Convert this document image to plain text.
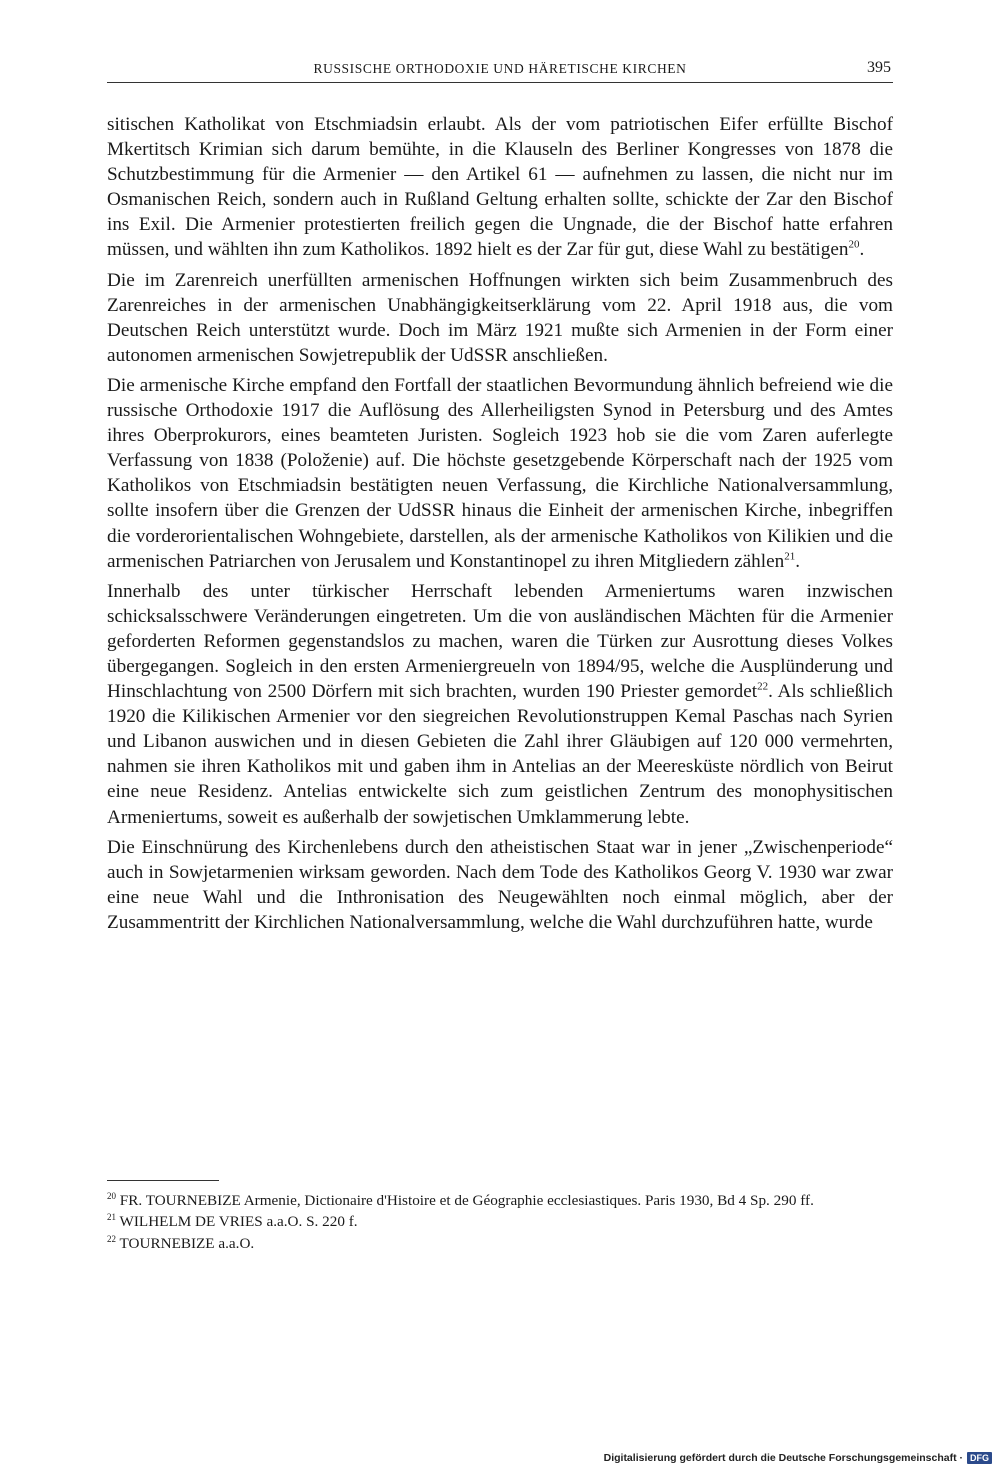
RUSSISCHE ORTHODOXIE UND HÄRETISCHE KIRCHEN	395

sitischen Katholikat von Etschmiadsin erlaubt. Als der vom patriotischen Eifer erfüllte Bischof Mkertitsch Krimian sich darum bemühte, in die Klauseln des Berliner Kongresses von 1878 die Schutzbestimmung für die Armenier — den Artikel 61 — aufnehmen zu lassen, die nicht nur im Osmanischen Reich, sondern auch in Rußland Geltung erhalten sollte, schickte der Zar den Bischof ins Exil. Die Armenier protestierten freilich gegen die Ungnade, die der Bischof hatte erfahren müssen, und wählten ihn zum Katholikos. 1892 hielt es der Zar für gut, diese Wahl zu bestätigen$^{20}$.

Die im Zarenreich unerfüllten armenischen Hoffnungen wirkten sich beim Zusammenbruch des Zarenreiches in der armenischen Unabhängigkeitserklärung vom 22. April 1918 aus, die vom Deutschen Reich unterstützt wurde. Doch im März 1921 mußte sich Armenien in der Form einer autonomen armenischen Sowjetrepublik der UdSSR anschließen.

Die armenische Kirche empfand den Fortfall der staatlichen Bevormundung ähnlich befreiend wie die russische Orthodoxie 1917 die Auflösung des Allerheiligsten Synod in Petersburg und des Amtes ihres Oberprokurors, eines beamteten Juristen. Sogleich 1923 hob sie die vom Zaren auferlegte Verfassung von 1838 (Položenie) auf. Die höchste gesetzgebende Körperschaft nach der 1925 vom Katholikos von Etschmiadsin bestätigten neuen Verfassung, die Kirchliche Nationalversammlung, sollte insofern über die Grenzen der UdSSR hinaus die Einheit der armenischen Kirche, inbegriffen die vorderorientalischen Wohngebiete, darstellen, als der armenische Katholikos von Kilikien und die armenischen Patriarchen von Jerusalem und Konstantinopel zu ihren Mitgliedern zählen$^{21}$.

Innerhalb des unter türkischer Herrschaft lebenden Armeniertums waren inzwischen schicksalsschwere Veränderungen eingetreten. Um die von ausländischen Mächten für die Armenier geforderten Reformen gegenstandslos zu machen, waren die Türken zur Ausrottung dieses Volkes übergegangen. Sogleich in den ersten Armeniergreueln von 1894/95, welche die Ausplünderung und Hinschlachtung von 2500 Dörfern mit sich brachten, wurden 190 Priester gemordet$^{22}$. Als schließlich 1920 die Kilikischen Armenier vor den siegreichen Revolutionstruppen Kemal Paschas nach Syrien und Libanon auswichen und in diesen Gebieten die Zahl ihrer Gläubigen auf 120 000 vermehrten, nahmen sie ihren Katholikos mit und gaben ihm in Antelias an der Meeresküste nördlich von Beirut eine neue Residenz. Antelias entwickelte sich zum geistlichen Zentrum des monophysitischen Armeniertums, soweit es außerhalb der sowjetischen Umklammerung lebte.

Die Einschnürung des Kirchenlebens durch den atheistischen Staat war in jener „Zwischenperiode“ auch in Sowjetarmenien wirksam geworden. Nach dem Tode des Katholikos Georg V. 1930 war zwar eine neue Wahl und die Inthronisation des Neugewählten noch einmal möglich, aber der Zusammentritt der Kirchlichen Nationalversammlung, welche die Wahl durchzuführen hatte, wurde

$^{20}$ FR. TOURNEBIZE Armenie, Dictionaire d'Histoire et de Géographie ecclesiastiques. Paris 1930, Bd 4 Sp. 290 ff.

$^{21}$ WILHELM DE VRIES a.a.O. S. 220 f.

$^{22}$ TOURNEBIZE a.a.O.

Digitalisierung gefördert durch die Deutsche Forschungsgemeinschaft · DFG
